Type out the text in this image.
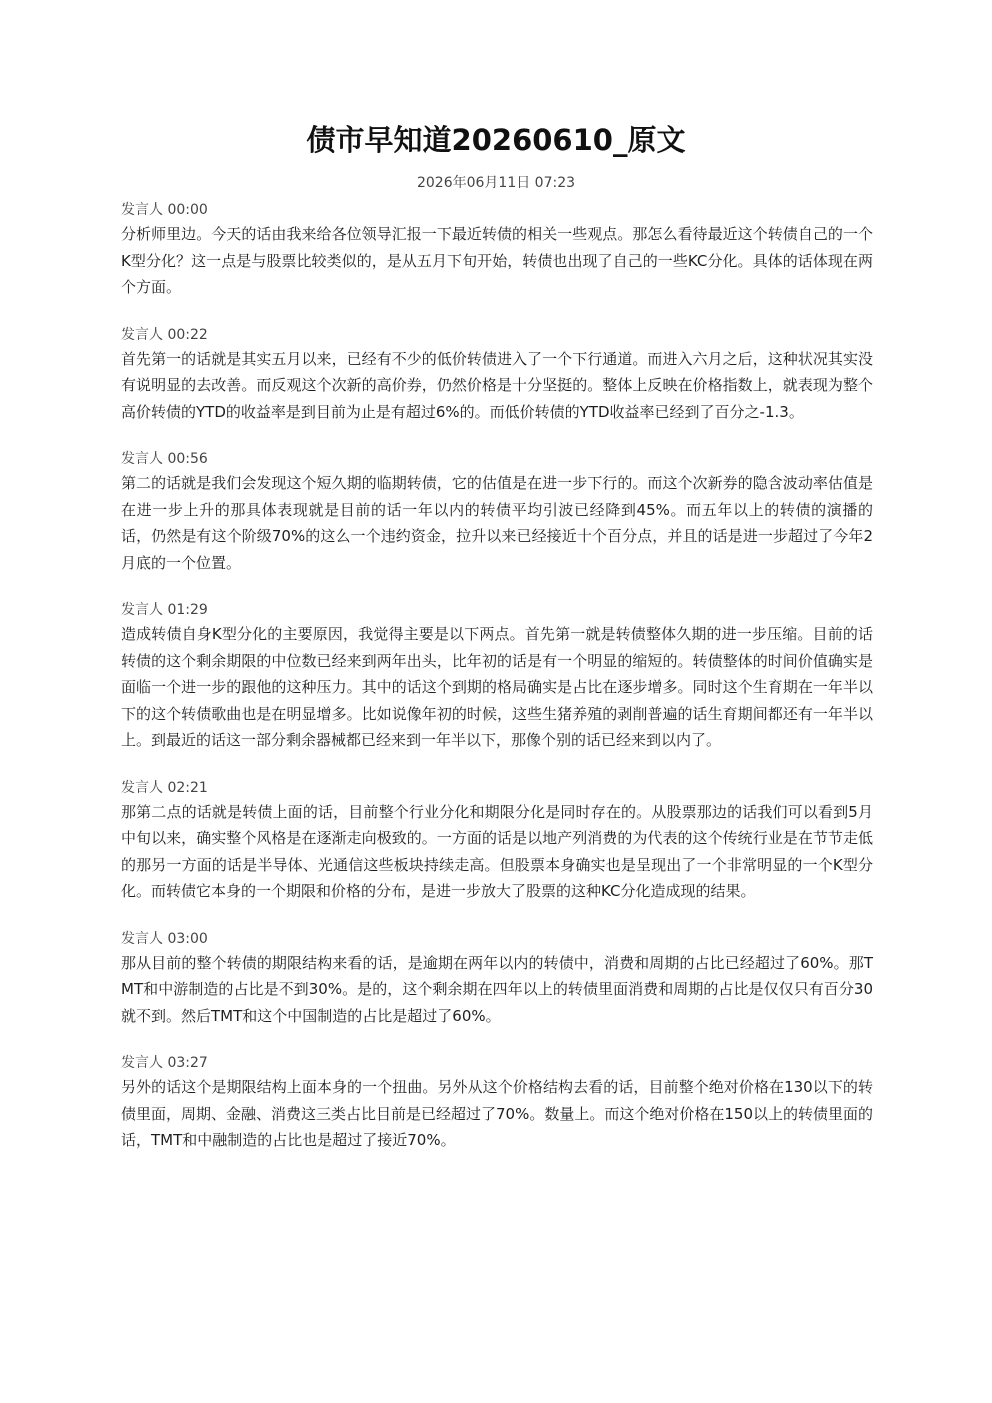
债市早知道20260610_原文
2026年06月11日 07:23
发言人 00:00

分析师里边。今天的话由我来给各位领导汇报一下最近转债的相关一些观点。那怎么看待最近这个转债自己的一个K型分化？这一点是与股票比较类似的，是从五月下旬开始，转债也出现了自己的一些KC分化。具体的话体现在两个方面。

发言人 00:22

首先第一的话就是其实五月以来，已经有不少的低价转债进入了一个下行通道。而进入六月之后，这种状况其实没有说明显的去改善。而反观这个次新的高价券，仍然价格是十分坚挺的。整体上反映在价格指数上，就表现为整个高价转债的YTD的收益率是到目前为止是有超过6%的。而低价转债的YTD收益率已经到了百分之-1.3。

发言人 00:56

第二的话就是我们会发现这个短久期的临期转债，它的估值是在进一步下行的。而这个次新券的隐含波动率估值是在进一步上升的那具体表现就是目前的话一年以内的转债平均引波已经降到45%。而五年以上的转债的演播的话，仍然是有这个阶级70%的这么一个违约资金，拉升以来已经接近十个百分点，并且的话是进一步超过了今年2月底的一个位置。

发言人 01:29

造成转债自身K型分化的主要原因，我觉得主要是以下两点。首先第一就是转债整体久期的进一步压缩。目前的话转债的这个剩余期限的中位数已经来到两年出头，比年初的话是有一个明显的缩短的。转债整体的时间价值确实是面临一个进一步的跟他的这种压力。其中的话这个到期的格局确实是占比在逐步增多。同时这个生育期在一年半以下的这个转债歌曲也是在明显增多。比如说像年初的时候，这些生猪养殖的剥削普遍的话生育期间都还有一年半以上。到最近的话这一部分剩余器械都已经来到一年半以下，那像个别的话已经来到以内了。

发言人 02:21

那第二点的话就是转债上面的话，目前整个行业分化和期限分化是同时存在的。从股票那边的话我们可以看到5月中旬以来，确实整个风格是在逐渐走向极致的。一方面的话是以地产列消费的为代表的这个传统行业是在节节走低的那另一方面的话是半导体、光通信这些板块持续走高。但股票本身确实也是呈现出了一个非常明显的一个K型分化。而转债它本身的一个期限和价格的分布，是进一步放大了股票的这种KC分化造成现的结果。

发言人 03:00

那从目前的整个转债的期限结构来看的话，是逾期在两年以内的转债中，消费和周期的占比已经超过了60%。那TMT和中游制造的占比是不到30%。是的，这个剩余期在四年以上的转债里面消费和周期的占比是仅仅只有百分30就不到。然后TMT和这个中国制造的占比是超过了60%。

发言人 03:27

另外的话这个是期限结构上面本身的一个扭曲。另外从这个价格结构去看的话，目前整个绝对价格在130以下的转债里面，周期、金融、消费这三类占比目前是已经超过了70%。数量上。而这个绝对价格在150以上的转债里面的话，TMT和中融制造的占比也是超过了接近70%。
